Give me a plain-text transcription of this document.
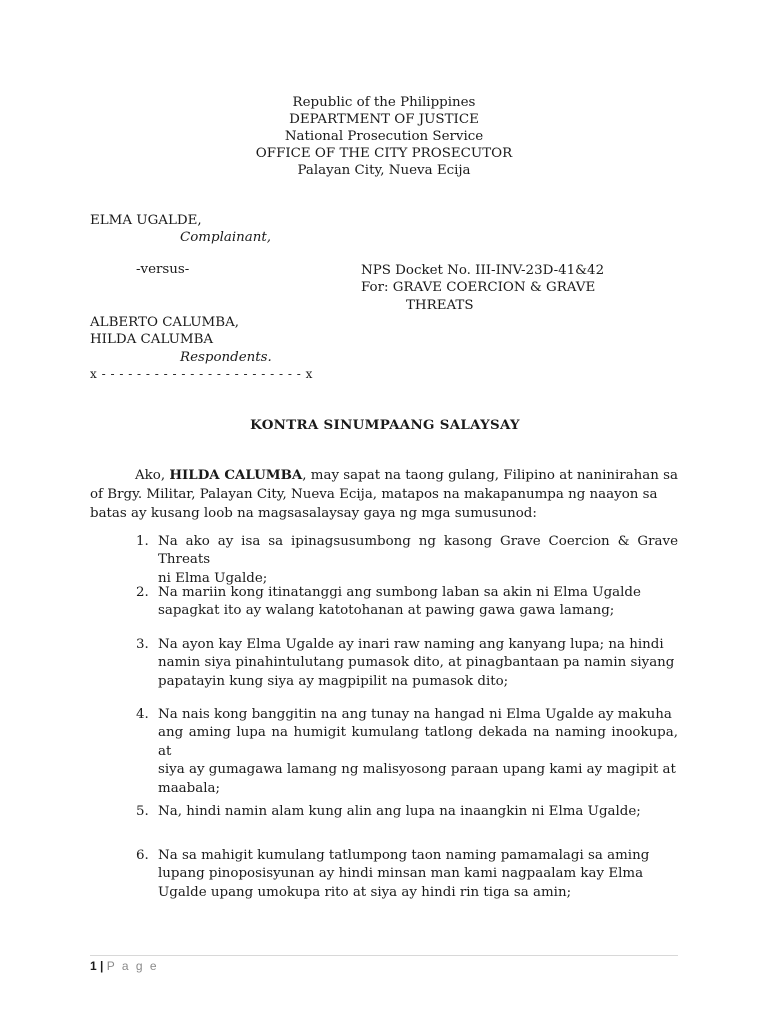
Republic of the Philippines
DEPARTMENT OF JUSTICE
National Prosecution Service
OFFICE OF THE CITY PROSECUTOR
Palayan City, Nueva Ecija
ELMA UGALDE,
Complainant,
-versus-	NPS Docket No. III-INV-23D-41&42
For: GRAVE COERCION & GRAVE
THREATS
ALBERTO CALUMBA,
HILDA CALUMBA
Respondents.
x - - - - - - - - - - - - - - - - - - - - - - - x
KONTRA SINUMPAANG SALAYSAY
Ako, HILDA CALUMBA, may sapat na taong gulang, Filipino at naninirahan sa
of Brgy. Militar, Palayan City, Nueva Ecija, matapos na makapanumpa ng naayon sa
batas ay kusang loob na magsasalaysay gaya ng mga sumusunod:
1. Na ako ay isa sa ipinagsusumbong ng kasong Grave Coercion & Grave Threats
ni Elma Ugalde;
2. Na mariin kong itinatanggi ang sumbong laban sa akin ni Elma Ugalde
sapagkat ito ay walang katotohanan at pawing gawa gawa lamang;
3. Na ayon kay Elma Ugalde ay inari raw naming ang kanyang lupa; na hindi
namin siya pinahintulutang pumasok dito, at pinagbantaan pa namin siyang
papatayin kung siya ay magpipilit na pumasok dito;
4. Na nais kong banggitin na ang tunay na hangad ni Elma Ugalde ay makuha
ang aming lupa na humigit kumulang tatlong dekada na naming inookupa, at
siya ay gumagawa lamang ng malisyosong paraan upang kami ay magipit at
maabala;
5. Na, hindi namin alam kung alin ang lupa na inaangkin ni Elma Ugalde;
6. Na sa mahigit kumulang tatlumpong taon naming pamamalagi sa aming
lupang pinoposisyunan ay hindi minsan man kami nagpaalam kay Elma
Ugalde upang umokupa rito at siya ay hindi rin tiga sa amin;
1 | P a g e
